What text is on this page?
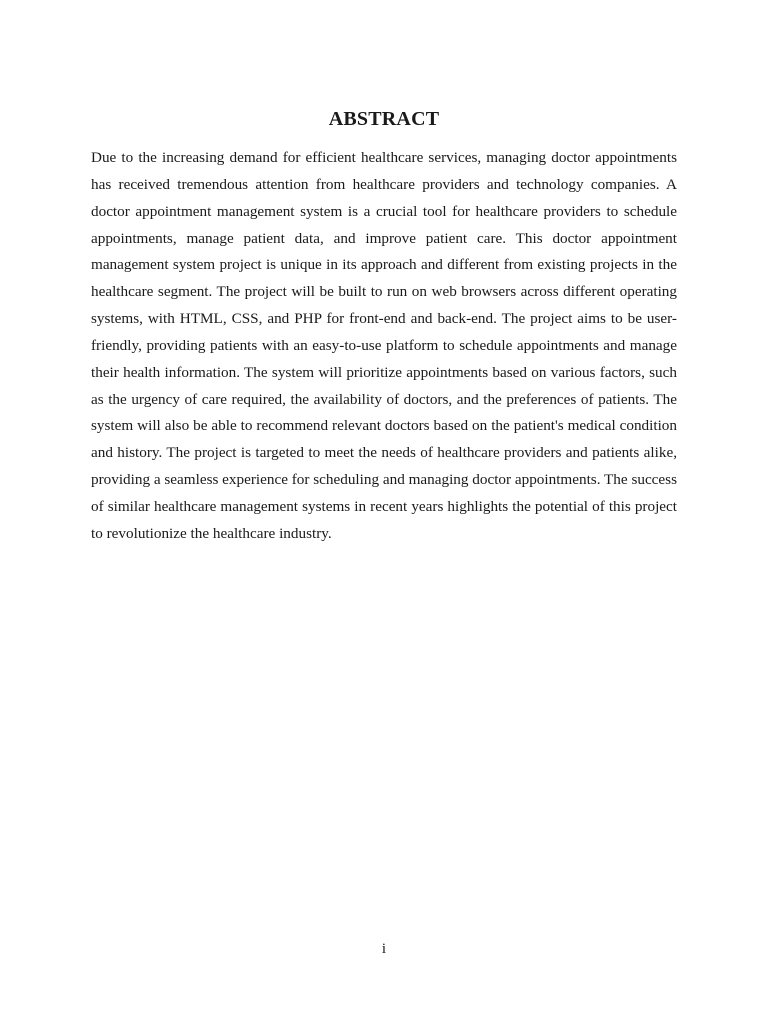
ABSTRACT

Due to the increasing demand for efficient healthcare services, managing doctor appointments has received tremendous attention from healthcare providers and technology companies. A doctor appointment management system is a crucial tool for healthcare providers to schedule appointments, manage patient data, and improve patient care. This doctor appointment management system project is unique in its approach and different from existing projects in the healthcare segment. The project will be built to run on web browsers across different operating systems, with HTML, CSS, and PHP for front-end and back-end. The project aims to be user-friendly, providing patients with an easy-to-use platform to schedule appointments and manage their health information. The system will prioritize appointments based on various factors, such as the urgency of care required, the availability of doctors, and the preferences of patients. The system will also be able to recommend relevant doctors based on the patient's medical condition and history. The project is targeted to meet the needs of healthcare providers and patients alike, providing a seamless experience for scheduling and managing doctor appointments. The success of similar healthcare management systems in recent years highlights the potential of this project to revolutionize the healthcare industry.

i
